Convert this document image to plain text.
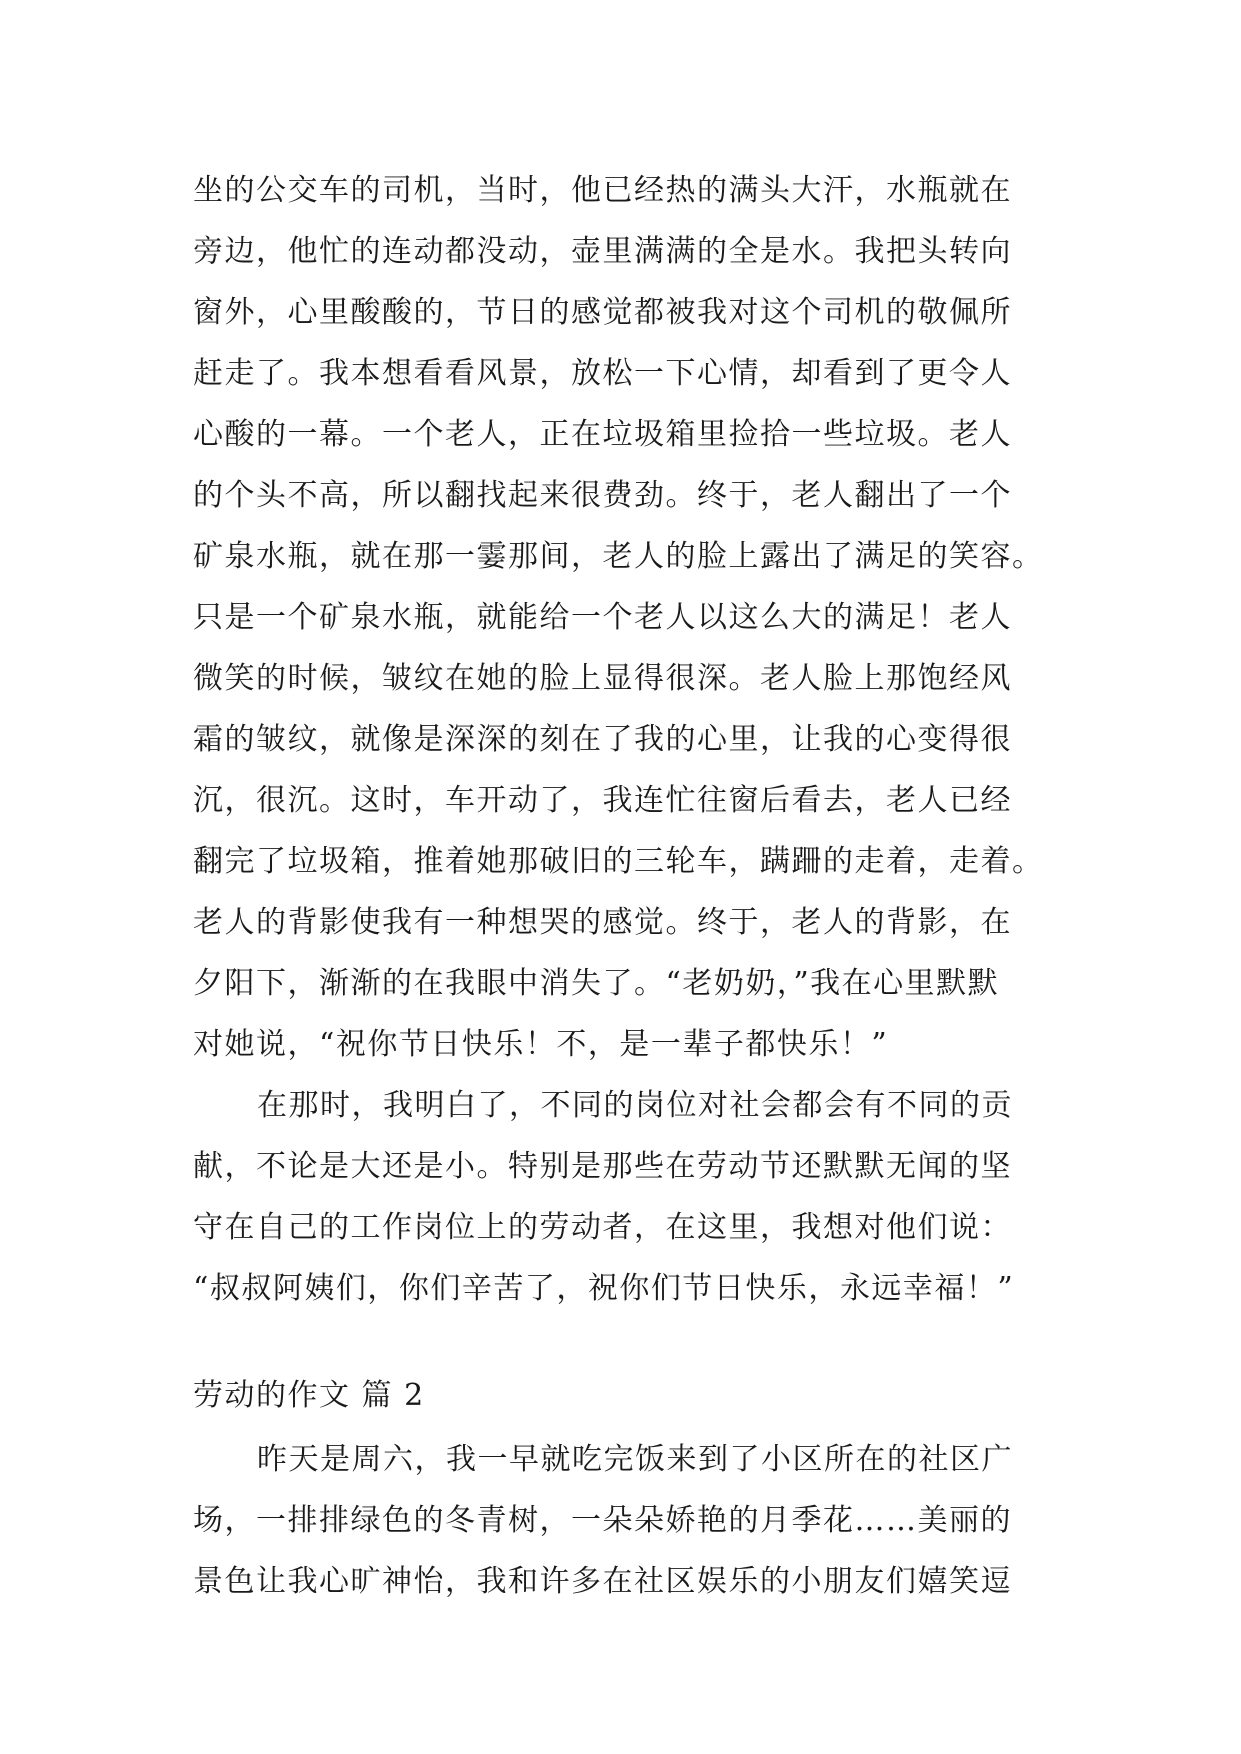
坐的公交车的司机，当时，他已经热的满头大汗，水瓶就在
旁边，他忙的连动都没动，壶里满满的全是水。我把头转向
窗外，心里酸酸的，节日的感觉都被我对这个司机的敬佩所
赶走了。我本想看看风景，放松一下心情，却看到了更令人
心酸的一幕。一个老人，正在垃圾箱里捡拾一些垃圾。老人
的个头不高，所以翻找起来很费劲。终于，老人翻出了一个
矿泉水瓶，就在那一霎那间，老人的脸上露出了满足的笑容。
只是一个矿泉水瓶，就能给一个老人以这么大的满足！老人
微笑的时候，皱纹在她的脸上显得很深。老人脸上那饱经风
霜的皱纹，就像是深深的刻在了我的心里，让我的心变得很
沉，很沉。这时，车开动了，我连忙往窗后看去，老人已经
翻完了垃圾箱，推着她那破旧的三轮车，蹒跚的走着，走着。
老人的背影使我有一种想哭的感觉。终于，老人的背影，在
夕阳下，渐渐的在我眼中消失了。“老奶奶，”我在心里默默
对她说，“祝你节日快乐！不，是一辈子都快乐！”
在那时，我明白了，不同的岗位对社会都会有不同的贡
献，不论是大还是小。特别是那些在劳动节还默默无闻的坚
守在自己的工作岗位上的劳动者，在这里，我想对他们说：
“叔叔阿姨们，你们辛苦了，祝你们节日快乐，永远幸福！”
劳动的作文 篇 2
昨天是周六，我一早就吃完饭来到了小区所在的社区广
场，一排排绿色的冬青树，一朵朵娇艳的月季花……美丽的
景色让我心旷神怡，我和许多在社区娱乐的小朋友们嬉笑逗
